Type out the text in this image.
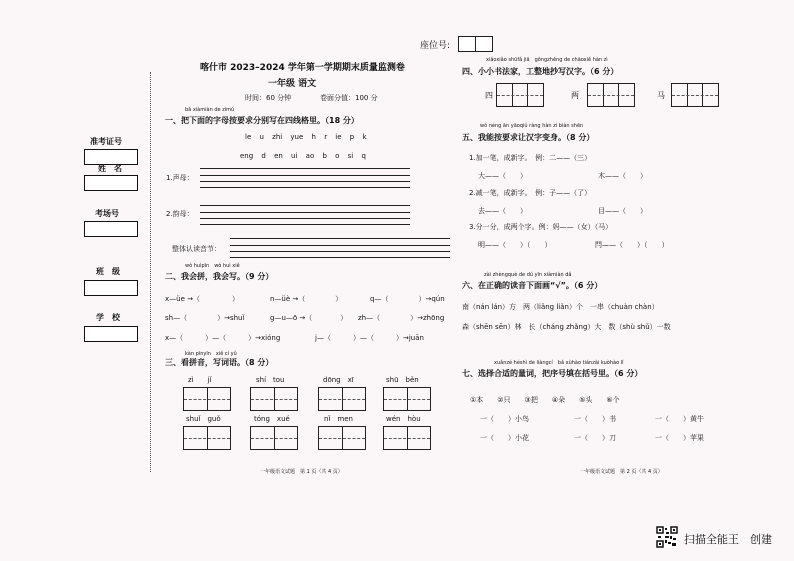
座位号:
喀什市 2023–2024 学年第一学期期末质量监测卷
一年级 语文
时间：60 分钟	卷面分值：100 分
准考证号
姓　名
考场号
班　级
学　校
bǎ xiàmiàn de zìmǔ
一、把下面的字母按要求分别写在四线格里。（18 分）
le u zhi yue h r ie p k
eng d en ui ao b o si q
1.声母：
2.韵母：
整体认读音节：
wǒ huìpīn　wǒ huì xiě
二、我会拼，我会写。（9 分）
x—üe →（	）	n—üè →（	）	q—（	）→qún
sh—（	）→shuǐ	g—u—ō →（	） zh—（	）→zhōng
x—（	）—（	）→xióng	j—（	）—（	）→juān
kàn pīnyīn　xiě cí yǔ
三、看拼音，写词语。（8 分）
zì　　 jǐ	shí　 tou	dōng　 xī	shū　 běn
shuǐ　 guǒ	tóng　 xué	nǐ　 men	wén　 hòu
一年级语文试题　第 1 页（共 4 页）
xiǎoxiǎo shūfǎ jiā　gōngzhěng de chāoxiě hàn zì
四、小小书法家，工整地抄写汉字。（6 分）
四	两	马
wǒ néng ān yāoqiú ràng hàn zì biàn shēn
五、我能按要求让汉字变身。（8 分）
1.加一笔，成新字。　例：二——（三）
大——（　　）	木——（　　）
2.减一笔，成新字。　例：子——（了）
去——（　　）	目——（　　）
3.分一分，成两个字。例：妈——（女）（马）
明——（　　）（　　）	閂——（　　）（　　）
zài zhèngquè de dú yīn xiàmiàn dǎ
六、在正确的读音下面画“√”。（6 分）
南（nán lán）方　两（liǎng liǎn）个　一串（chuàn chàn）
森（shēn sēn）林　长（cháng zhǎng）大　数（shù shǔ）一数
xuǎnzé héshì de liàngcí　bǎ xùhào tiánzài kuòhào lǐ
七、选择合适的量词，把序号填在括号里。（6 分）
①本　　②只　　③把　　④朵　　⑤头　　⑥个
一（　　）小鸟	一（　　）书	一（　　）黄牛
一（　　）小花	一（　　）刀	一（　　）苹果
一年级语文试题　第 2 页（共 4 页）
扫描全能王　创建
